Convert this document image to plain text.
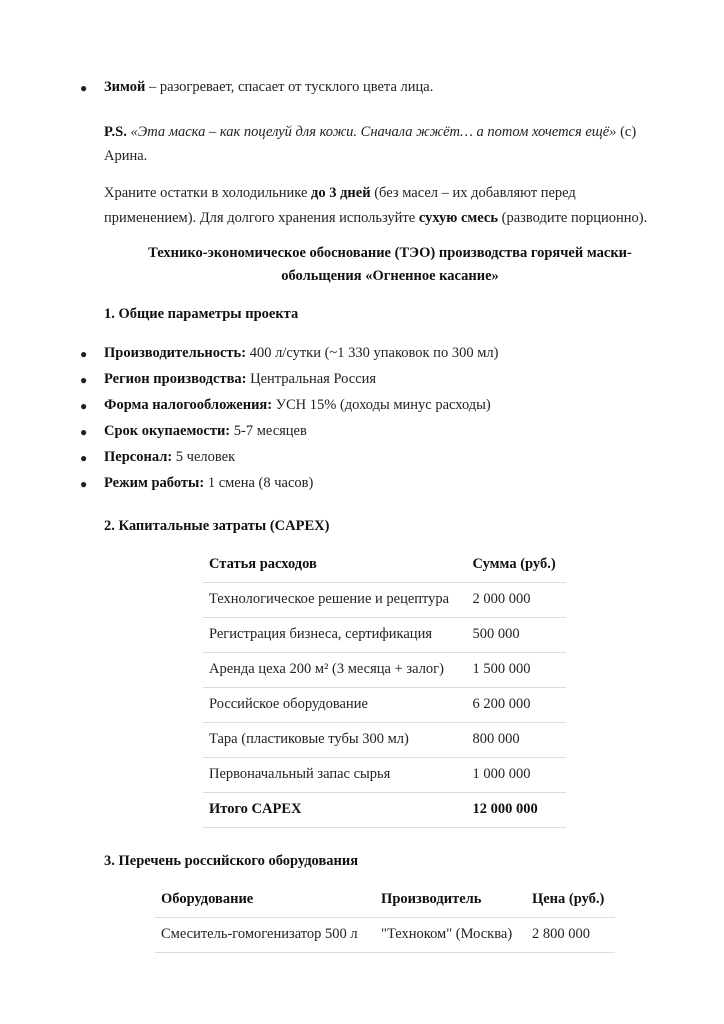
● Зимой – разогревает, спасает от тусклого цвета лица.
P.S. «Эта маска – как поцелуй для кожи. Сначала жжёт… а потом хочется ещё» (с)
Арина.
Храните остатки в холодильнике до 3 дней (без масел – их добавляют перед
применением). Для долгого хранения используйте сухую смесь (разводите порционно).
Технико-экономическое обоснование (ТЭО) производства горячей маски-
обольщения «Огненное касание»
1. Общие параметры проекта
● Производительность: 400 л/сутки (~1 330 упаковок по 300 мл)
● Регион производства: Центральная Россия
● Форма налогообложения: УСН 15% (доходы минус расходы)
● Срок окупаемости: 5-7 месяцев
● Персонал: 5 человек
● Режим работы: 1 смена (8 часов)
2. Капитальные затраты (CAPEX)
Статья расходов	Сумма (руб.)
Технологическое решение и рецептура	2 000 000
Регистрация бизнеса, сертификация	500 000
Аренда цеха 200 м² (3 месяца + залог)	1 500 000
Российское оборудование	6 200 000
Тара (пластиковые тубы 300 мл)	800 000
Первоначальный запас сырья	1 000 000
Итого CAPEX	12 000 000
3. Перечень российского оборудования
Оборудование	Производитель	Цена (руб.)
Смеситель-гомогенизатор 500 л	"Техноком" (Москва)	2 800 000
